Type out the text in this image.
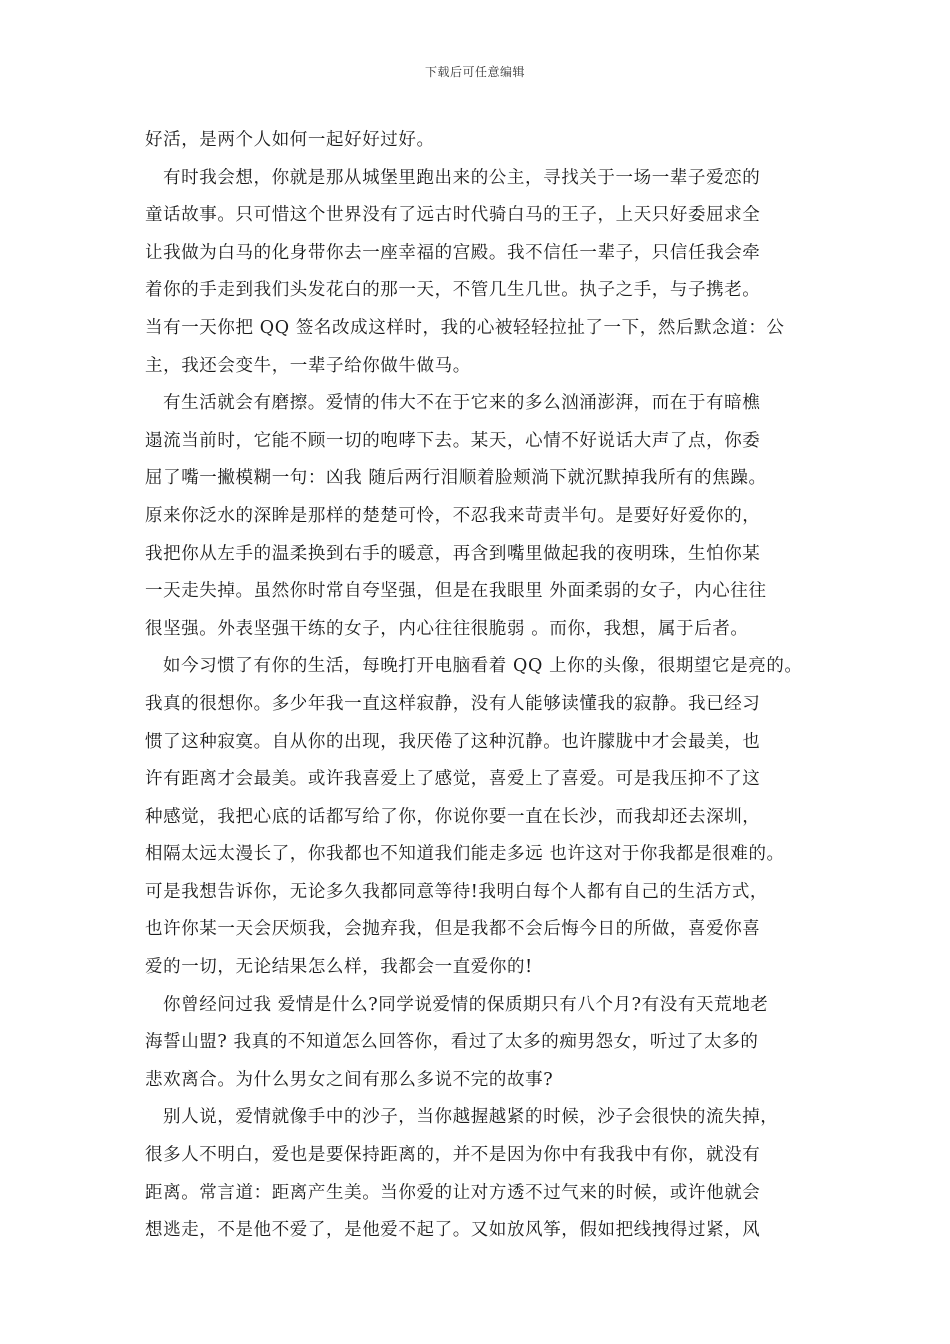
下载后可任意编辑
好活，是两个人如何一起好好过好。
有时我会想，你就是那从城堡里跑出来的公主，寻找关于一场一辈子爱恋的
童话故事。只可惜这个世界没有了远古时代骑白马的王子，上天只好委屈求全
让我做为白马的化身带你去一座幸福的宫殿。我不信任一辈子，只信任我会牵
着你的手走到我们头发花白的那一天，不管几生几世。执子之手，与子携老。
当有一天你把 QQ 签名改成这样时，我的心被轻轻拉扯了一下，然后默念道：公
主，我还会变牛，一辈子给你做牛做马。
有生活就会有磨擦。爱情的伟大不在于它来的多么汹涌澎湃，而在于有暗樵
遢流当前时，它能不顾一切的咆哮下去。某天，心情不好说话大声了点，你委
屈了嘴一撇模糊一句：凶我 随后两行泪顺着脸颊淌下就沉默掉我所有的焦躁。
原来你泛水的深眸是那样的楚楚可怜，不忍我来苛责半句。是要好好爱你的，
我把你从左手的温柔换到右手的暖意，再含到嘴里做起我的夜明珠，生怕你某
一天走失掉。虽然你时常自夸坚强，但是在我眼里 外面柔弱的女子，内心往往
很坚强。外表坚强干练的女子，内心往往很脆弱 。而你，我想，属于后者。
如今习惯了有你的生活，每晚打开电脑看着 QQ 上你的头像，很期望它是亮的。
我真的很想你。多少年我一直这样寂静，没有人能够读懂我的寂静。我已经习
惯了这种寂寞。自从你的出现，我厌倦了这种沉静。也许朦胧中才会最美，也
许有距离才会最美。或许我喜爱上了感觉，喜爱上了喜爱。可是我压抑不了这
种感觉，我把心底的话都写给了你，你说你要一直在长沙，而我却还去深圳，
相隔太远太漫长了，你我都也不知道我们能走多远 也许这对于你我都是很难的。
可是我想告诉你，无论多久我都同意等待!我明白每个人都有自己的生活方式，
也许你某一天会厌烦我，会抛弃我，但是我都不会后悔今日的所做，喜爱你喜
爱的一切，无论结果怎么样，我都会一直爱你的!
你曾经问过我 爱情是什么?同学说爱情的保质期只有八个月?有没有天荒地老
海誓山盟? 我真的不知道怎么回答你，看过了太多的痴男怨女，听过了太多的
悲欢离合。为什么男女之间有那么多说不完的故事?
别人说，爱情就像手中的沙子，当你越握越紧的时候，沙子会很快的流失掉，
很多人不明白，爱也是要保持距离的，并不是因为你中有我我中有你，就没有
距离。常言道：距离产生美。当你爱的让对方透不过气来的时候，或许他就会
想逃走，不是他不爱了，是他爱不起了。又如放风筝，假如把线拽得过紧，风
